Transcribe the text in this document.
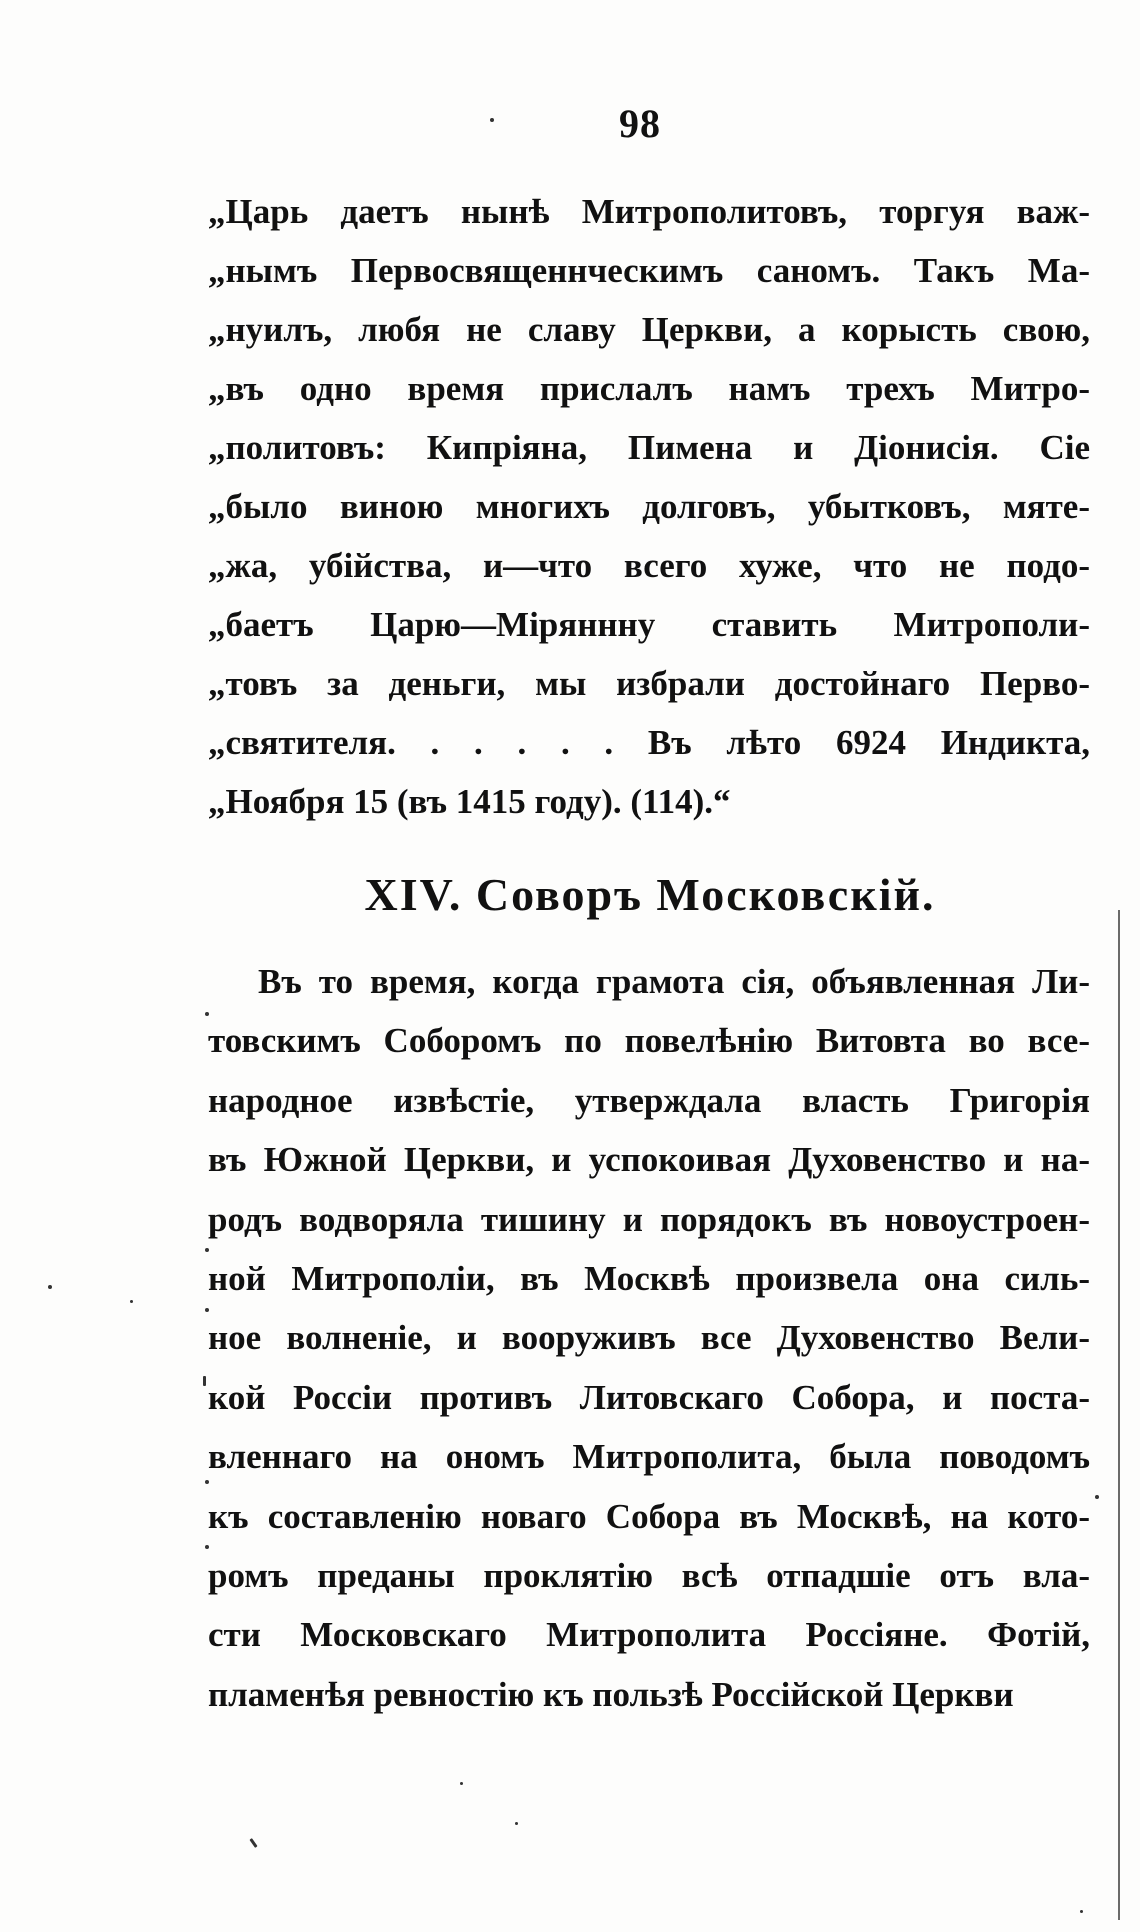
98
„Царь даетъ нынѣ Митрополитовъ, торгуя важ-
„нымъ Первосвященнческимъ саномъ. Такъ Ма-
„нуилъ, любя не славу Церкви, а корысть свою,
„въ одно время прислалъ намъ трехъ Митро-
„политовъ: Кипріяна, Пимена и Діонисія. Сіе
„было виною многихъ долговъ, убытковъ, мяте-
„жа, убійства, и—что всего хуже, что не подо-
„баетъ Царю—Міряннну ставить Митрополи-
„товъ за деньги, мы избрали достойнаго Перво-
„святителя. . . . . . Въ лѣто 6924 Индикта,
„Ноября 15 (въ 1415 году). (114).“
XIV. Соворъ Московскій.
Въ то время, когда грамота сія, объявленная Ли-
товскимъ Соборомъ по повелѣнію Витовта во все-
народное извѣстіе, утверждала власть Григорія
въ Южной Церкви, и успокоивая Духовенство и на-
родъ водворяла тишину и порядокъ въ новоустроен-
ной Митрополіи, въ Москвѣ произвела она силь-
ное волненіе, и вооруживъ все Духовенство Вели-
кой Россіи противъ Литовскаго Собора, и поста-
вленнаго на ономъ Митрополита, была поводомъ
къ составленію новаго Собора въ Москвѣ, на кото-
ромъ преданы проклятію всѣ отпадшіе отъ вла-
сти Московскаго Митрополита Россіяне. Фотій,
пламенѣя ревностію къ пользѣ Россійской Церкви
